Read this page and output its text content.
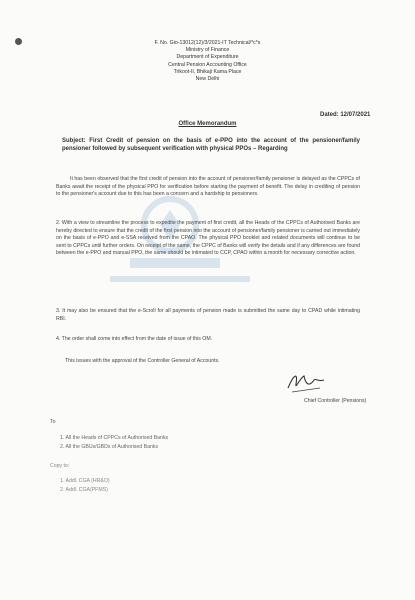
F. No. Gio-13012(12)/3/2021-IT Technical/*c*s
Ministry of Finance
Department of Expenditure
Central Pension Accounting Office
Trikoot-II, Bhikaji Kama Place
New Delhi
Dated: 12/07/2021
Office Memorandum
Subject: First Credit of pension on the basis of e-PPO into the account of the pensioner/family pensioner followed by subsequent verification with physical PPOs – Regarding
It has been observed that the first credit of pension into the account of pensioner/family pensioner is delayed as the CPPCs of Banks await the receipt of the physical PPO for verification before starting the payment of benefit. The delay in crediting of pension to the pensioner's account due to this has been a concern and a hardship to pensioners.
2. With a view to streamline the process to expedite the payment of first credit, all the Heads of the CPPCs of Authorised Banks are hereby directed to ensure that the credit of the first pension into the account of pensioner/family pensioner is carried out immediately on the basis of e-PPO and e-SSA received from the CPAO. The physical PPO booklet and related documents will continue to be sent to CPPCs until further orders. On receipt of the same, the CPPC of Banks will verify the details and if any differences are found between the e-PPO and manual PPO, the same should be intimated to CCP, CPAO within a month for necessary corrective action.
3. It may also be ensured that the e-Scroll for all payments of pension made is submitted the same day to CPAD while intimating RBI.
4. The order shall come into effect from the date of issue of this OM.
This issues with the approval of the Controller General of Accounts.
Chief Controller (Pensions)
To
1. All the Heads of CPPCs of Authorised Banks
2. All the GBUs/GBDs of Authorised Banks
Copy to:
1. Addl. CGA (HR&O)
2. Addl. CGA(PFMS)
